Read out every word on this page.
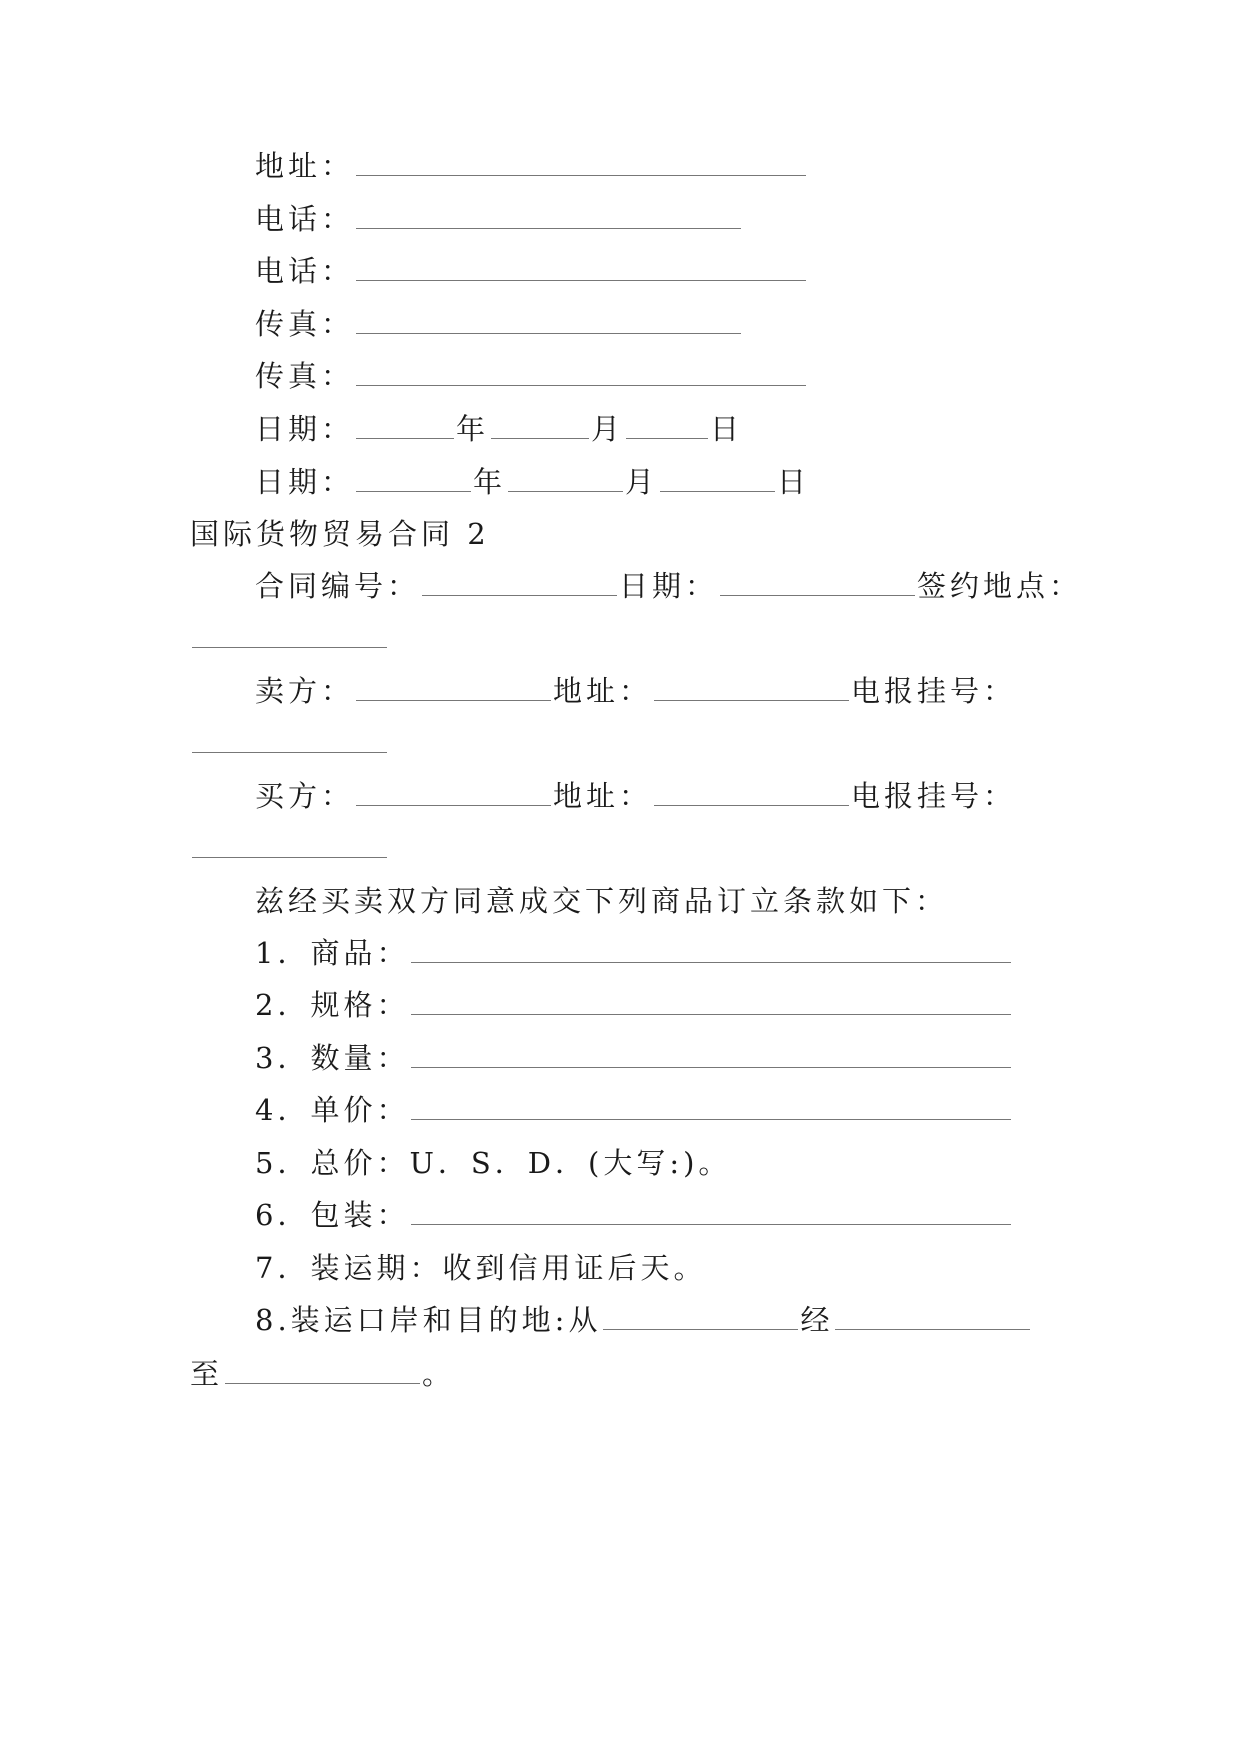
地址：
电话：
电话：
传真：
传真：
日期：	年	月	日
日期：	年	月	日
国际货物贸易合同 2
合同编号：	日期：	签约地点：
卖方：	地址：	电报挂号：
买方：	地址：	电报挂号：
兹经买卖双方同意成交下列商品订立条款如下：
1．商品：
2．规格：
3．数量：
4．单价：
5．总价：U．S．D．(大写:)。
6．包装：
7．装运期：收到信用证后天。
8.装运口岸和目的地:从	经
至	。
